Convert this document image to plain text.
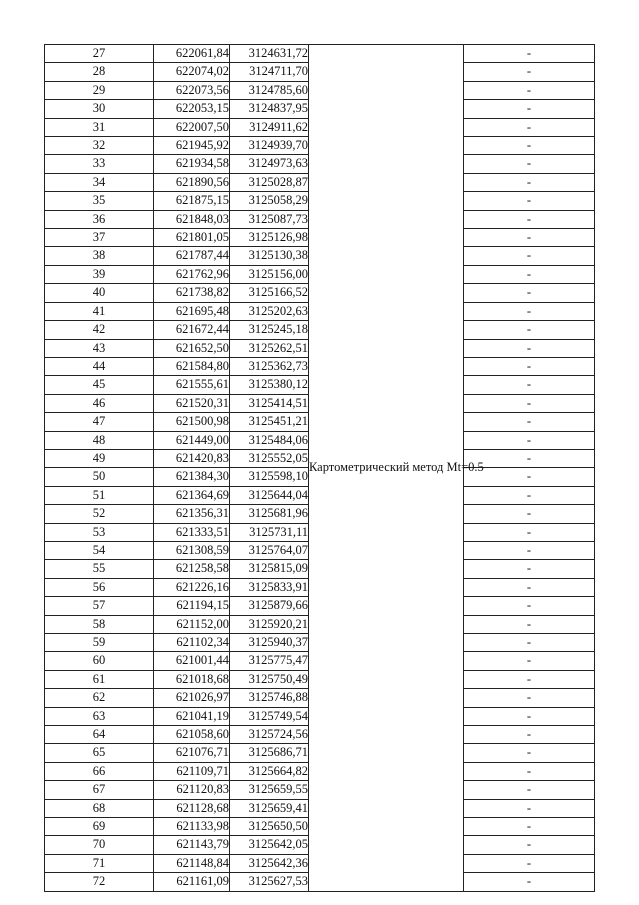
27	622061,84	3124631,72	Картометрический метод Mt=0.5	-
28	622074,02	3124711,70		-
29	622073,56	3124785,60		-
30	622053,15	3124837,95		-
31	622007,50	3124911,62		-
32	621945,92	3124939,70		-
33	621934,58	3124973,63		-
34	621890,56	3125028,87		-
35	621875,15	3125058,29		-
36	621848,03	3125087,73		-
37	621801,05	3125126,98		-
38	621787,44	3125130,38		-
39	621762,96	3125156,00		-
40	621738,82	3125166,52		-
41	621695,48	3125202,63		-
42	621672,44	3125245,18		-
43	621652,50	3125262,51		-
44	621584,80	3125362,73		-
45	621555,61	3125380,12		-
46	621520,31	3125414,51		-
47	621500,98	3125451,21		-
48	621449,00	3125484,06		-
49	621420,83	3125552,05		-
50	621384,30	3125598,10		-
51	621364,69	3125644,04		-
52	621356,31	3125681,96		-
53	621333,51	3125731,11		-
54	621308,59	3125764,07		-
55	621258,58	3125815,09		-
56	621226,16	3125833,91		-
57	621194,15	3125879,66		-
58	621152,00	3125920,21		-
59	621102,34	3125940,37		-
60	621001,44	3125775,47		-
61	621018,68	3125750,49		-
62	621026,97	3125746,88		-
63	621041,19	3125749,54		-
64	621058,60	3125724,56		-
65	621076,71	3125686,71		-
66	621109,71	3125664,82		-
67	621120,83	3125659,55		-
68	621128,68	3125659,41		-
69	621133,98	3125650,50		-
70	621143,79	3125642,05		-
71	621148,84	3125642,36		-
72	621161,09	3125627,53		-
